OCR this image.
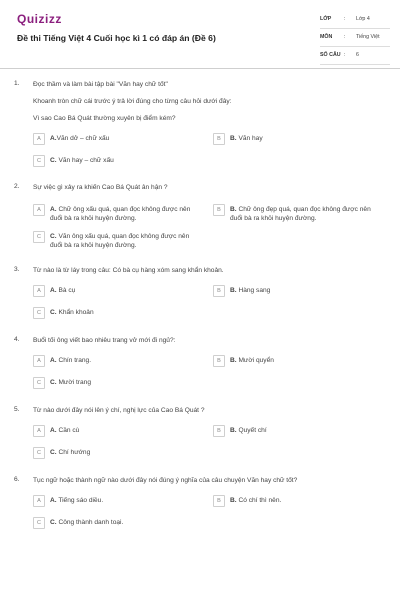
Quizizz
Đề thi Tiếng Việt 4 Cuối học kì 1 có đáp án (Đề 6)
LỚP : Lớp 4
MÔN : Tiếng Việt
SỐ CÂU : 6
1. Đọc thầm và làm bài tập bài "Văn hay chữ tốt"
Khoanh tròn chữ cái trước ý trả lời đúng cho từng câu hỏi dưới đây:
Vì sao Cao Bá Quát thường xuyên bị điểm kém?
A	A.Văn dở – chữ xấu	B	B. Văn hay
C	C. Văn hay – chữ xấu
2. Sự việc gì xảy ra khiến Cao Bá Quát ân hận ?
A	A. Chữ ông xấu quá, quan đọc không được nên đuổi bà ra khỏi huyện đường.
B	B. Chữ ông đẹp quá, quan đọc không được nên đuổi bà ra khỏi huyện đường.
C	C. Văn ông xấu quá, quan đọc không được nên đuổi bà ra khỏi huyện đường.
3. Từ nào là từ láy trong câu: Có bà cụ hàng xóm sang khẩn khoản.
A	A. Bà cụ	B	B. Hàng sang
C	C. Khẩn khoản
4. Buổi tối ông viết bao nhiêu trang vở mới đi ngủ?:
A	A. Chín trang.	B	B. Mười quyển
C	C. Mười trang
5. Từ nào dưới đây nói lên ý chí, nghị lực của Cao Bá Quát ?
A	A. Cần cù	B	B. Quyết chí
C	C. Chí hướng
6. Tục ngữ hoặc thành ngữ nào dưới đây nói đúng ý nghĩa của câu chuyện Văn hay chữ tốt?
A	A. Tiếng sáo diều.	B	B. Có chí thì nên.
C	C. Công thành danh toại.
